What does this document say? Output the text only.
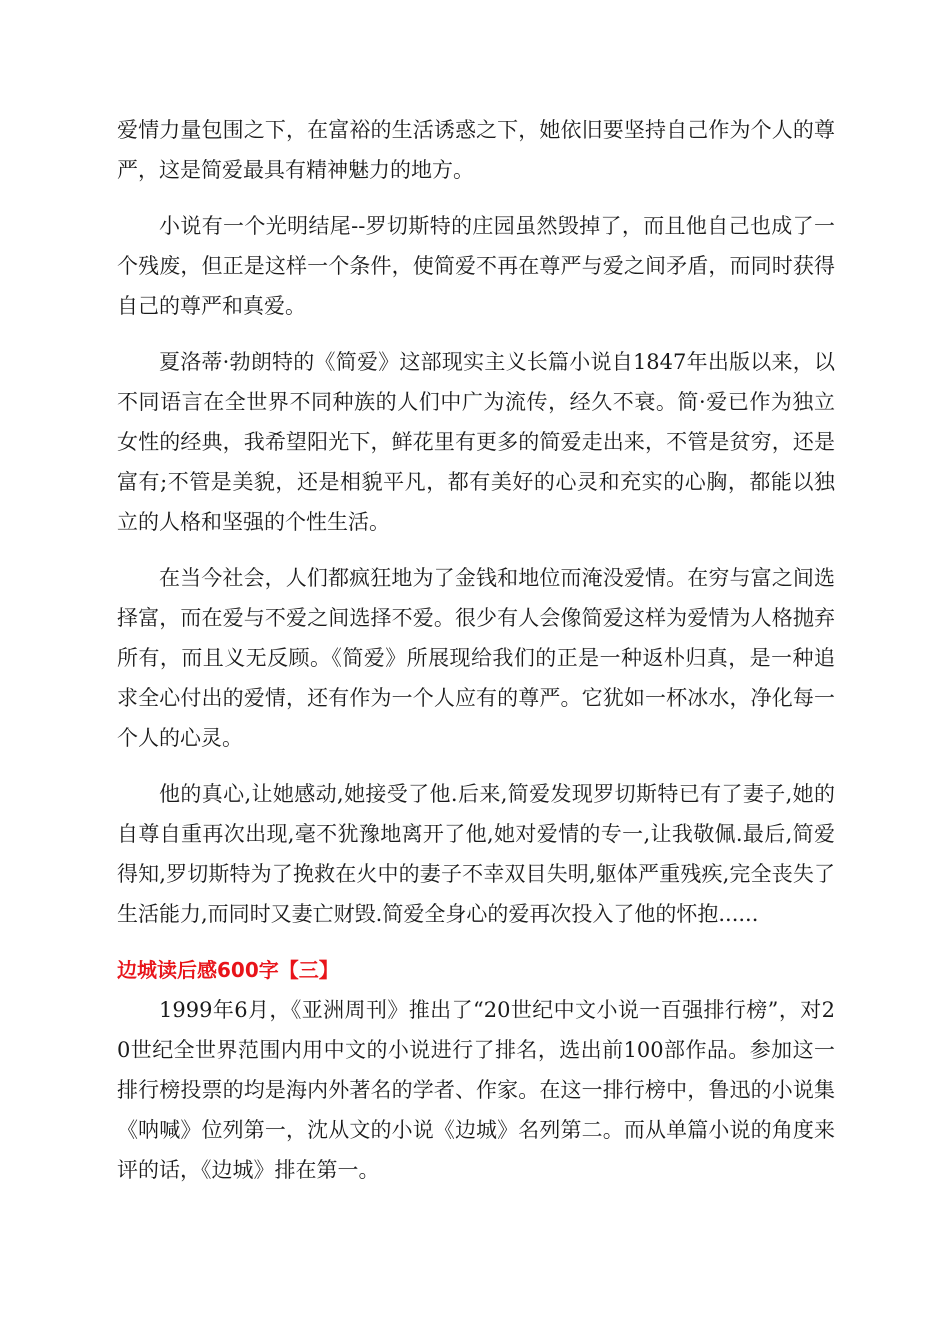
爱情力量包围之下，在富裕的生活诱惑之下，她依旧要坚持自己作为个人的尊严，这是简爱最具有精神魅力的地方。

小说有一个光明结尾--罗切斯特的庄园虽然毁掉了，而且他自己也成了一个残废，但正是这样一个条件，使简爱不再在尊严与爱之间矛盾，而同时获得自己的尊严和真爱。

夏洛蒂·勃朗特的《简爱》这部现实主义长篇小说自1847年出版以来，以不同语言在全世界不同种族的人们中广为流传，经久不衰。简·爱已作为独立女性的经典，我希望阳光下，鲜花里有更多的简爱走出来，不管是贫穷，还是富有;不管是美貌，还是相貌平凡，都有美好的心灵和充实的心胸，都能以独立的人格和坚强的个性生活。

在当今社会，人们都疯狂地为了金钱和地位而淹没爱情。在穷与富之间选择富，而在爱与不爱之间选择不爱。很少有人会像简爱这样为爱情为人格抛弃所有，而且义无反顾。《简爱》所展现给我们的正是一种返朴归真，是一种追求全心付出的爱情，还有作为一个人应有的尊严。它犹如一杯冰水，净化每一个人的心灵。

他的真心,让她感动,她接受了他.后来,简爱发现罗切斯特已有了妻子,她的自尊自重再次出现,毫不犹豫地离开了他,她对爱情的专一,让我敬佩.最后,简爱得知,罗切斯特为了挽救在火中的妻子不幸双目失明,躯体严重残疾,完全丧失了生活能力,而同时又妻亡财毁.简爱全身心的爱再次投入了他的怀抱......

边城读后感600字【三】

1999年6月，《亚洲周刊》推出了“20世纪中文小说一百强排行榜”，对20世纪全世界范围内用中文的小说进行了排名，选出前100部作品。参加这一排行榜投票的均是海内外著名的学者、作家。在这一排行榜中，鲁迅的小说集《呐喊》位列第一，沈从文的小说《边城》名列第二。而从单篇小说的角度来评的话，《边城》排在第一。
